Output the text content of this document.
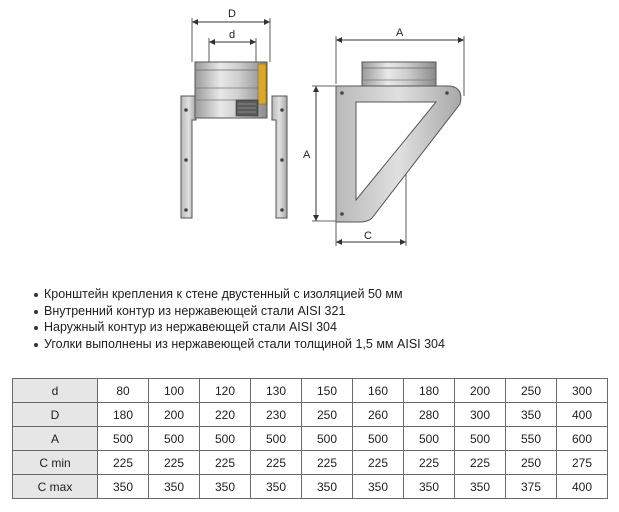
D
d	A
A
C
Кронштейн крепления к стене двустенный с изоляцией 50 мм
Внутренний контур из нержавеющей стали AISI 321
Наружный контур из нержавеющей стали AISI 304
Уголки выполнены из нержавеющей стали толщиной 1,5 мм AISI 304
d	80	100	120	130	150	160	180	200	250	300
D	180	200	220	230	250	260	280	300	350	400
A	500	500	500	500	500	500	500	500	550	600
C min	225	225	225	225	225	225	225	225	250	275
C max	350	350	350	350	350	350	350	350	375	400
